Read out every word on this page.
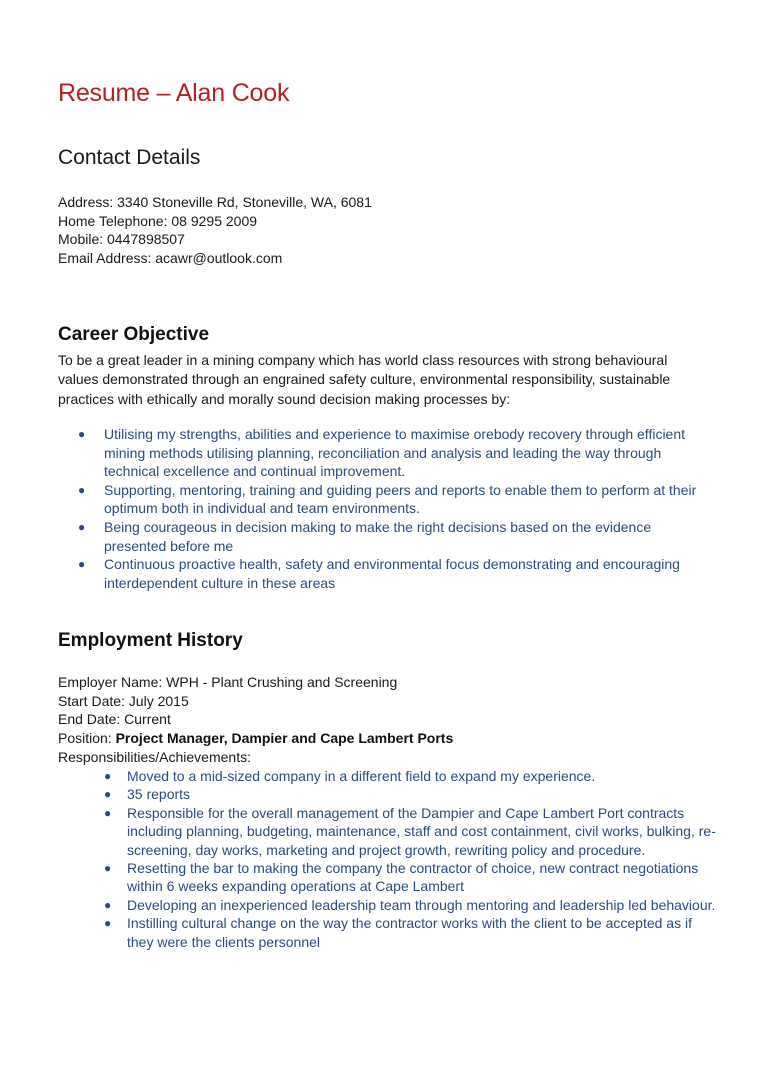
Resume – Alan Cook
Contact Details

Address: 3340 Stoneville Rd, Stoneville, WA, 6081

Home Telephone: 08 9295 2009

Mobile: 0447898507

Email Address: acawr@outlook.com

Career Objective

To be a great leader in a mining company which has world class resources with strong behavioural values demonstrated through an engrained safety culture, environmental responsibility, sustainable practices with ethically and morally sound decision making processes by:

● Utilising my strengths, abilities and experience to maximise orebody recovery through efficient mining methods utilising planning, reconciliation and analysis and leading the way through technical excellence and continual improvement.
● Supporting, mentoring, training and guiding peers and reports to enable them to perform at their optimum both in individual and team environments.
● Being courageous in decision making to make the right decisions based on the evidence presented before me
● Continuous proactive health, safety and environmental focus demonstrating and encouraging interdependent culture in these areas
Employment History

Employer Name: WPH - Plant Crushing and Screening

Start Date: July 2015

End Date: Current

Position: Project Manager, Dampier and Cape Lambert Ports

Responsibilities/Achievements:

● Moved to a mid-sized company in a different field to expand my experience.
● 35 reports
● Responsible for the overall management of the Dampier and Cape Lambert Port contracts including planning, budgeting, maintenance, staff and cost containment, civil works, bulking, re-screening, day works, marketing and project growth, rewriting policy and procedure.
● Resetting the bar to making the company the contractor of choice, new contract negotiations within 6 weeks expanding operations at Cape Lambert
● Developing an inexperienced leadership team through mentoring and leadership led behaviour.
● Instilling cultural change on the way the contractor works with the client to be accepted as if they were the clients personnel
